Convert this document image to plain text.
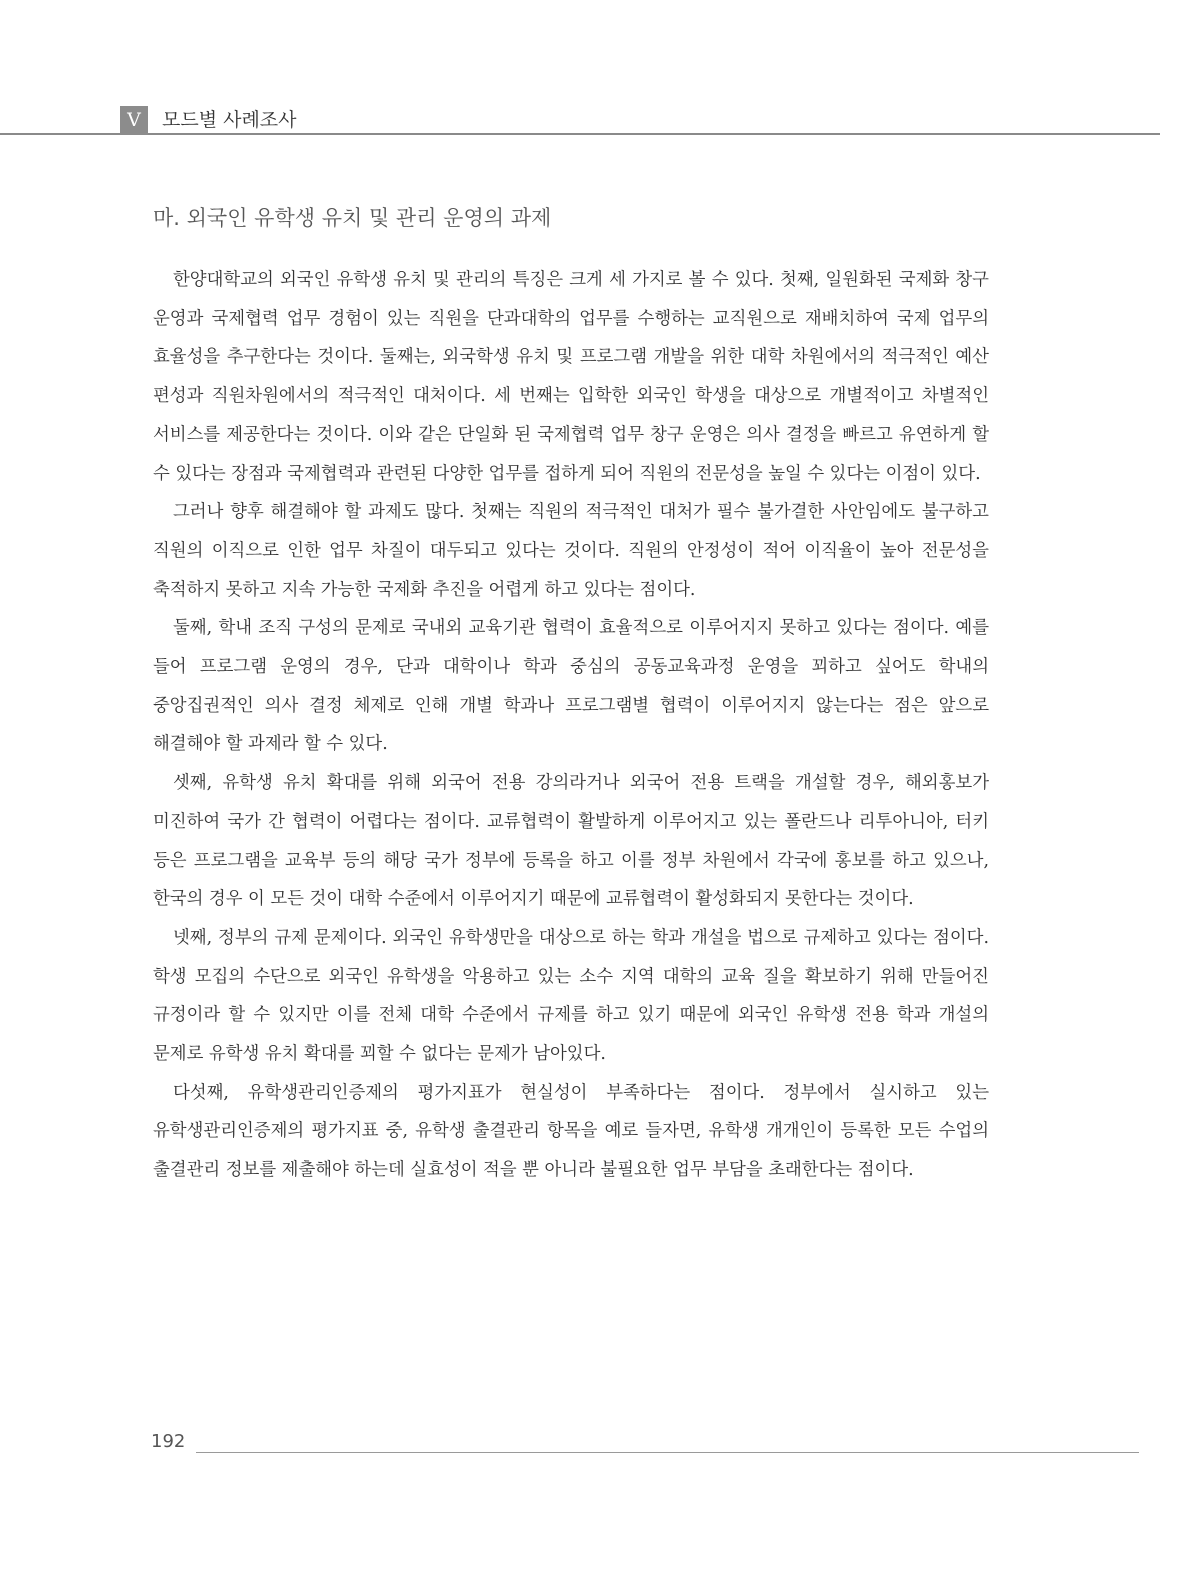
V	모드별 사례조사
마. 외국인 유학생 유치 및 관리 운영의 과제

한양대학교의 외국인 유학생 유치 및 관리의 특징은 크게 세 가지로 볼 수 있다. 첫째, 일원화된 국제화 창구 운영과 국제협력 업무 경험이 있는 직원을 단과대학의 업무를 수행하는 교직원으로 재배치하여 국제 업무의 효율성을 추구한다는 것이다. 둘째는, 외국학생 유치 및 프로그램 개발을 위한 대학 차원에서의 적극적인 예산 편성과 직원차원에서의 적극적인 대처이다. 세 번째는 입학한 외국인 학생을 대상으로 개별적이고 차별적인 서비스를 제공한다는 것이다. 이와 같은 단일화 된 국제협력 업무 창구 운영은 의사 결정을 빠르고 유연하게 할 수 있다는 장점과 국제협력과 관련된 다양한 업무를 접하게 되어 직원의 전문성을 높일 수 있다는 이점이 있다.

그러나 향후 해결해야 할 과제도 많다. 첫째는 직원의 적극적인 대처가 필수 불가결한 사안임에도 불구하고 직원의 이직으로 인한 업무 차질이 대두되고 있다는 것이다. 직원의 안정성이 적어 이직율이 높아 전문성을 축적하지 못하고 지속 가능한 국제화 추진을 어렵게 하고 있다는 점이다.

둘째, 학내 조직 구성의 문제로 국내외 교육기관 협력이 효율적으로 이루어지지 못하고 있다는 점이다. 예를 들어 프로그램 운영의 경우, 단과 대학이나 학과 중심의 공동교육과정 운영을 꾀하고 싶어도 학내의 중앙집권적인 의사 결정 체제로 인해 개별 학과나 프로그램별 협력이 이루어지지 않는다는 점은 앞으로 해결해야 할 과제라 할 수 있다.

셋째, 유학생 유치 확대를 위해 외국어 전용 강의라거나 외국어 전용 트랙을 개설할 경우, 해외홍보가 미진하여 국가 간 협력이 어렵다는 점이다. 교류협력이 활발하게 이루어지고 있는 폴란드나 리투아니아, 터키 등은 프로그램을 교육부 등의 해당 국가 정부에 등록을 하고 이를 정부 차원에서 각국에 홍보를 하고 있으나, 한국의 경우 이 모든 것이 대학 수준에서 이루어지기 때문에 교류협력이 활성화되지 못한다는 것이다.

넷째, 정부의 규제 문제이다. 외국인 유학생만을 대상으로 하는 학과 개설을 법으로 규제하고 있다는 점이다. 학생 모집의 수단으로 외국인 유학생을 악용하고 있는 소수 지역 대학의 교육 질을 확보하기 위해 만들어진 규정이라 할 수 있지만 이를 전체 대학 수준에서 규제를 하고 있기 때문에 외국인 유학생 전용 학과 개설의 문제로 유학생 유치 확대를 꾀할 수 없다는 문제가 남아있다.

다섯째, 유학생관리인증제의 평가지표가 현실성이 부족하다는 점이다. 정부에서 실시하고 있는 유학생관리인증제의 평가지표 중, 유학생 출결관리 항목을 예로 들자면, 유학생 개개인이 등록한 모든 수업의 출결관리 정보를 제출해야 하는데 실효성이 적을 뿐 아니라 불필요한 업무 부담을 초래한다는 점이다.

192
